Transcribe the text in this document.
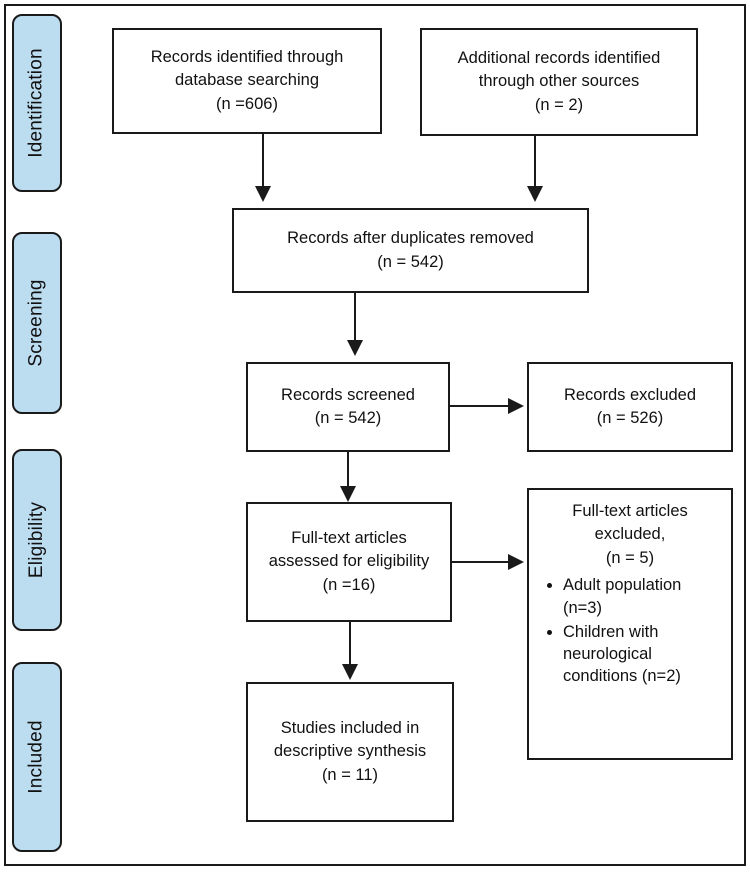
Identification
Screening
Eligibility
Included
Records identified through
database searching
(n =606)
Additional records identified
through other sources
(n = 2)
Records after duplicates removed
(n = 542)
Records screened
(n = 542)
Records excluded
(n = 526)
Full-text articles
assessed for eligibility
(n =16)
Full-text articles
excluded,
(n = 5)
• Adult population (n=3)
• Children with neurological conditions (n=2)
Studies included in
descriptive synthesis
(n = 11)
